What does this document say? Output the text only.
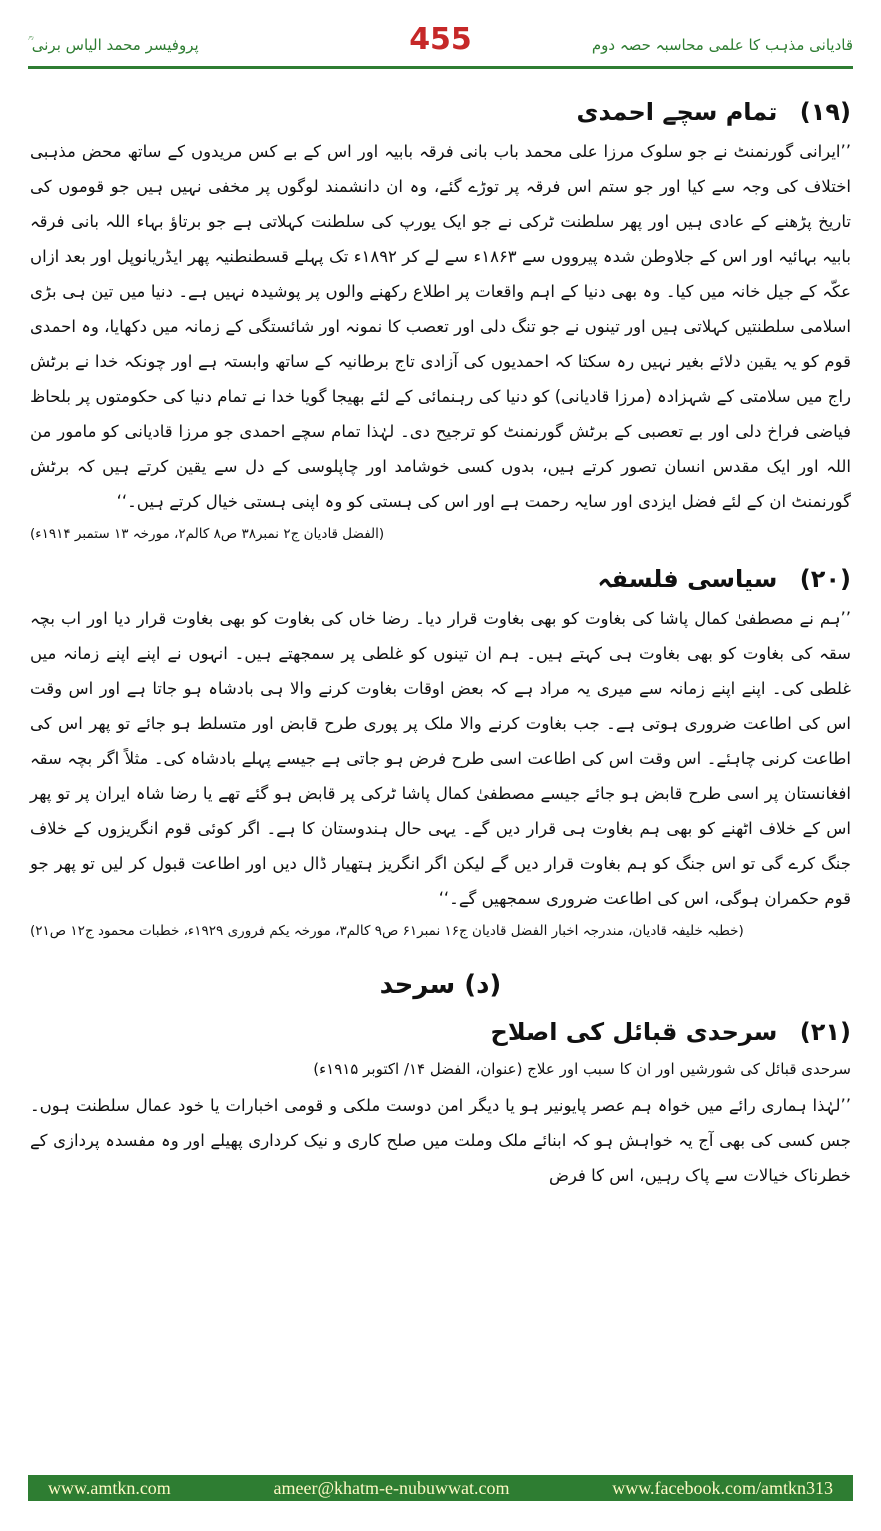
قادیانی مذہب کا علمی محاسبہ حصہ دوم
455
پروفیسر محمد الیاس برنی ؒ
(۱۹) تمام سچے احمدی

’’ایرانی گورنمنٹ نے جو سلوک مرزا علی محمد باب بانی فرقہ بابیہ اور اس کے بے کس مریدوں کے ساتھ محض مذہبی اختلاف کی وجہ سے کیا اور جو ستم اس فرقہ پر توڑے گئے، وہ ان دانشمند لوگوں پر مخفی نہیں ہیں جو قوموں کی تاریخ پڑھنے کے عادی ہیں اور پھر سلطنت ٹرکی نے جو ایک یورپ کی سلطنت کہلاتی ہے جو برتاؤ بہاء اللہ بانی فرقہ بابیہ بہائیہ اور اس کے جلاوطن شدہ پیرووں سے ۱۸۶۳ء سے لے کر ۱۸۹۲ء تک پہلے قسطنطنیہ پھر ایڈریانوپل اور بعد ازاں عکّہ کے جیل خانہ میں کیا۔ وہ بھی دنیا کے اہم واقعات پر اطلاع رکھنے والوں پر پوشیدہ نہیں ہے۔ دنیا میں تین ہی بڑی اسلامی سلطنتیں کہلاتی ہیں اور تینوں نے جو تنگ دلی اور تعصب کا نمونہ اور شائستگی کے زمانہ میں دکھایا، وہ احمدی قوم کو یہ یقین دلائے بغیر نہیں رہ سکتا کہ احمدیوں کی آزادی تاج برطانیہ کے ساتھ وابستہ ہے اور چونکہ خدا نے برٹش راج میں سلامتی کے شہزادہ (مرزا قادیانی) کو دنیا کی رہنمائی کے لئے بھیجا گویا خدا نے تمام دنیا کی حکومتوں پر بلحاظ فیاضی فراخ دلی اور بے تعصبی کے برٹش گورنمنٹ کو ترجیح دی۔ لہٰذا تمام سچے احمدی جو مرزا قادیانی کو مامور من اللہ اور ایک مقدس انسان تصور کرتے ہیں، بدوں کسی خوشامد اور چاپلوسی کے دل سے یقین کرتے ہیں کہ برٹش گورنمنٹ ان کے لئے فضل ایزدی اور سایہ رحمت ہے اور اس کی ہستی کو وہ اپنی ہستی خیال کرتے ہیں۔‘‘

(الفضل قادیان ج۲ نمبر۳۸ ص۸ کالم۲، مورخہ ۱۳ ستمبر ۱۹۱۴ء)
(۲۰) سیاسی فلسفہ

’’ہم نے مصطفیٰ کمال پاشا کی بغاوت کو بھی بغاوت قرار دیا۔ رضا خاں کی بغاوت کو بھی بغاوت قرار دیا اور اب بچہ سقہ کی بغاوت کو بھی بغاوت ہی کہتے ہیں۔ ہم ان تینوں کو غلطی پر سمجھتے ہیں۔ انہوں نے اپنے اپنے زمانہ میں غلطی کی۔ اپنے اپنے زمانہ سے میری یہ مراد ہے کہ بعض اوقات بغاوت کرنے والا ہی بادشاہ ہو جاتا ہے اور اس وقت اس کی اطاعت ضروری ہوتی ہے۔ جب بغاوت کرنے والا ملک پر پوری طرح قابض اور متسلط ہو جائے تو پھر اس کی اطاعت کرنی چاہئے۔ اس وقت اس کی اطاعت اسی طرح فرض ہو جاتی ہے جیسے پہلے بادشاہ کی۔ مثلاً اگر بچہ سقہ افغانستان پر اسی طرح قابض ہو جائے جیسے مصطفیٰ کمال پاشا ٹرکی پر قابض ہو گئے تھے یا رضا شاہ ایران پر تو پھر اس کے خلاف اٹھنے کو بھی ہم بغاوت ہی قرار دیں گے۔ یہی حال ہندوستان کا ہے۔ اگر کوئی قوم انگریزوں کے خلاف جنگ کرے گی تو اس جنگ کو ہم بغاوت قرار دیں گے لیکن اگر انگریز ہتھیار ڈال دیں اور اطاعت قبول کر لیں تو پھر جو قوم حکمران ہوگی، اس کی اطاعت ضروری سمجھیں گے۔‘‘

(خطبہ خلیفہ قادیان، مندرجہ اخبار الفضل قادیان ج۱۶ نمبر۶۱ ص۹ کالم۳، مورخہ یکم فروری ۱۹۲۹ء، خطبات محمود ج۱۲ ص۲۱)
(د) سرحد
(۲۱) سرحدی قبائل کی اصلاح
سرحدی قبائل کی شورشیں اور ان کا سبب اور علاج (عنوان، الفضل ۱۴/ اکتوبر ۱۹۱۵ء)

’’لہٰذا ہماری رائے میں خواہ ہم عصر پایونیر ہو یا دیگر امن دوست ملکی و قومی اخبارات یا خود عمال سلطنت ہوں۔ جس کسی کی بھی آج یہ خواہش ہو کہ ابنائے ملک وملت میں صلح کاری و نیک کرداری پھیلے اور وہ مفسدہ پردازی کے خطرناک خیالات سے پاک رہیں، اس کا فرض

www.amtkn.com	ameer@khatm-e-nubuwwat.com	www.facebook.com/amtkn313
